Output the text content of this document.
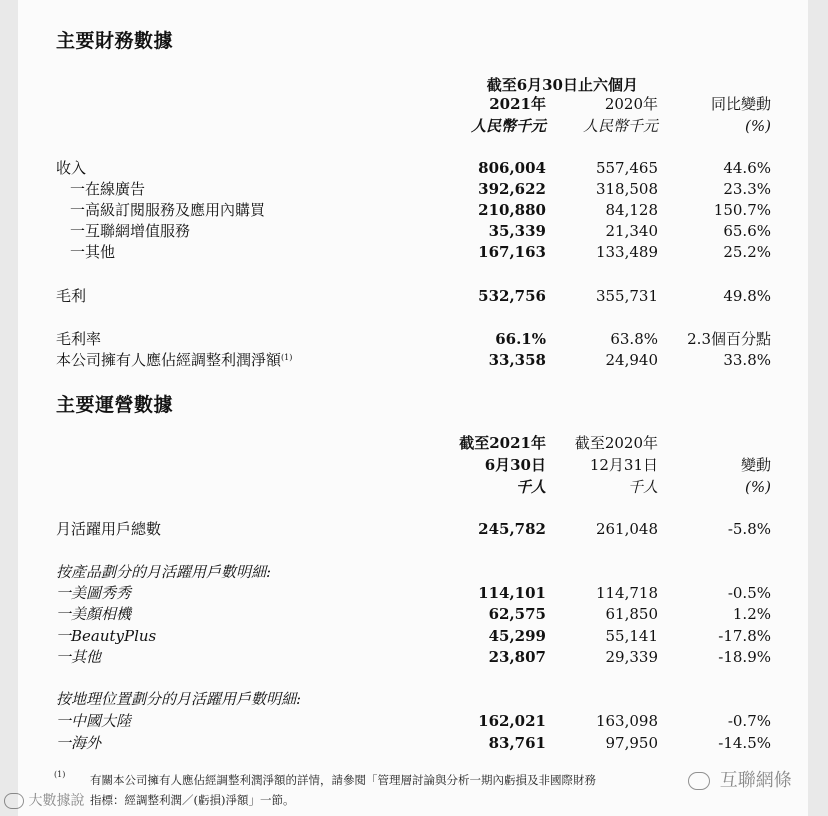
主要財務數據
截至6月30日止六個月
2021年	2020年	同比變動
人民幣千元 人民幣千元	(%)
收入	806,004	557,465	44.6%
一在線廣告	392,622	318,508	23.3%
一高級訂閱服務及應用內購買	210,880	84,128	150.7%
一互聯網增值服務	35,339	21,340	65.6%
一其他	167,163	133,489	25.2%
毛利	532,756	355,731	49.8%
毛利率	66.1%	63.8% 2.3個百分點
本公司擁有人應佔經調整利潤淨額$^{(1)}$	33,358	24,940	33.8%
主要運營數據
截至2021年 截至2020年
6月30日	12月31日	變動
千人	千人	(%)
月活躍用戶總數	245,782	261,048	-5.8%
按產品劃分的月活躍用戶數明細:
一美圖秀秀	114,101	114,718	-0.5%
一美顏相機	62,575	61,850	1.2%
一BeautyPlus	45,299	55,141	-17.8%
一其他	23,807	29,339	-18.9%
按地理位置劃分的月活躍用戶數明細:
一中國大陸	162,021	163,098	-0.7%
一海外	83,761	97,950	-14.5%
(1) 有關本公司擁有人應佔經調整利潤淨額的詳情，請參閱「管理層討論與分析一期內虧損及非國際財務
指標：經調整利潤／(虧損)淨額」一節。
大數據說
互聯網條
